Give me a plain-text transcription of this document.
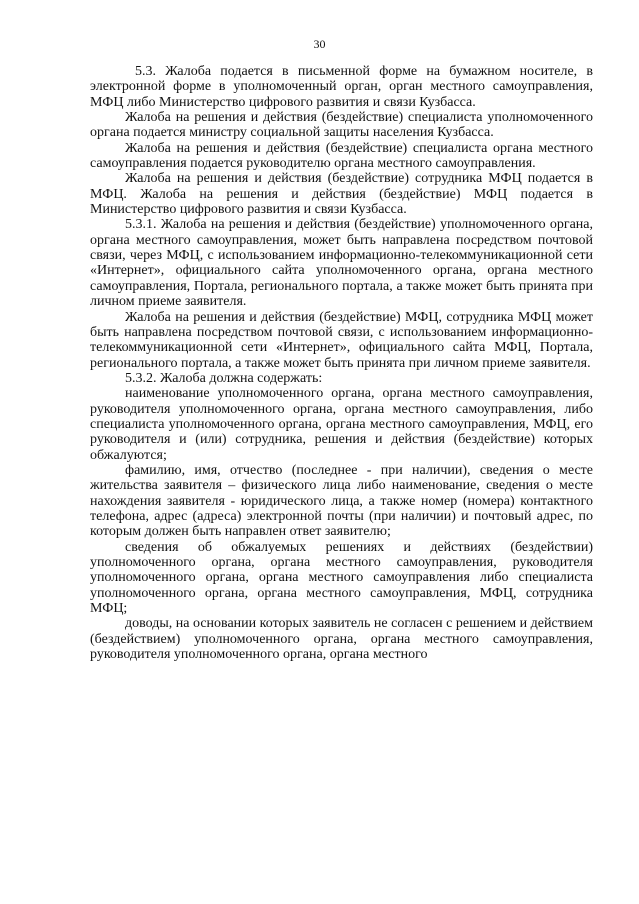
30

5.3. Жалоба подается в письменной форме на бумажном носителе, в электронной форме в уполномоченный орган, орган местного самоуправления, МФЦ либо Министерство цифрового развития и связи Кузбасса.

Жалоба на решения и действия (бездействие) специалиста уполномоченного органа подается министру социальной защиты населения Кузбасса.

Жалоба на решения и действия (бездействие) специалиста органа местного самоуправления подается руководителю органа местного самоуправления.

Жалоба на решения и действия (бездействие) сотрудника МФЦ подается в МФЦ. Жалоба на решения и действия (бездействие) МФЦ подается в Министерство цифрового развития и связи Кузбасса.

5.3.1. Жалоба на решения и действия (бездействие) уполномоченного органа, органа местного самоуправления, может быть направлена посредством почтовой связи, через МФЦ, с использованием информационно-телекоммуникационной сети «Интернет», официального сайта уполномоченного органа, органа местного самоуправления, Портала, регионального портала, а также может быть принята при личном приеме заявителя.

Жалоба на решения и действия (бездействие) МФЦ, сотрудника МФЦ может быть направлена посредством почтовой связи, с использованием информационно-телекоммуникационной сети «Интернет», официального сайта МФЦ, Портала, регионального портала, а также может быть принята при личном приеме заявителя.

5.3.2. Жалоба должна содержать:

наименование уполномоченного органа, органа местного самоуправления, руководителя уполномоченного органа, органа местного самоуправления, либо специалиста уполномоченного органа, органа местного самоуправления, МФЦ, его руководителя и (или) сотрудника, решения и действия (бездействие) которых обжалуются;

фамилию, имя, отчество (последнее - при наличии), сведения о месте жительства заявителя – физического лица либо наименование, сведения о месте нахождения заявителя - юридического лица, а также номер (номера) контактного телефона, адрес (адреса) электронной почты (при наличии) и почтовый адрес, по которым должен быть направлен ответ заявителю;

сведения об обжалуемых решениях и действиях (бездействии) уполномоченного органа, органа местного самоуправления, руководителя уполномоченного органа, органа местного самоуправления либо специалиста уполномоченного органа, органа местного самоуправления, МФЦ, сотрудника МФЦ;

доводы, на основании которых заявитель не согласен с решением и действием (бездействием) уполномоченного органа, органа местного самоуправления, руководителя уполномоченного органа, органа местного
